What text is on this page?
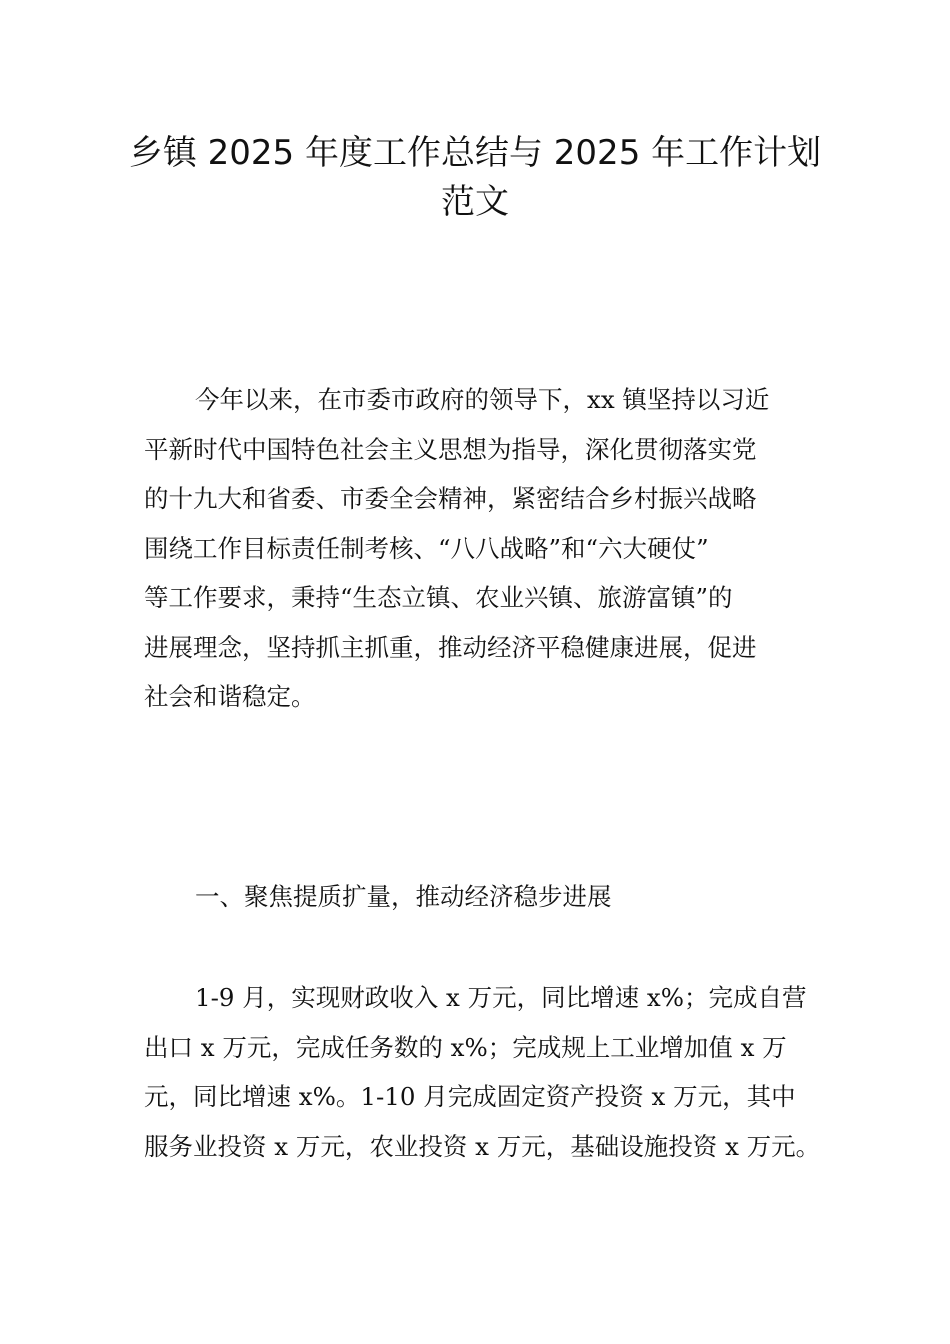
乡镇 2025 年度工作总结与 2025 年工作计划
范文
今年以来，在市委市政府的领导下，xx 镇坚持以习近
平新时代中国特色社会主义思想为指导，深化贯彻落实党
的十九大和省委、市委全会精神，紧密结合乡村振兴战略
围绕工作目标责任制考核、“八八战略”和“六大硬仗”
等工作要求，秉持“生态立镇、农业兴镇、旅游富镇”的
进展理念，坚持抓主抓重，推动经济平稳健康进展，促进
社会和谐稳定。
一、聚焦提质扩量，推动经济稳步进展
1-9 月，实现财政收入 x 万元，同比增速 x%；完成自营
出口 x 万元，完成任务数的 x%；完成规上工业增加值 x 万
元，同比增速 x%。1-10 月完成固定资产投资 x 万元，其中
服务业投资 x 万元，农业投资 x 万元，基础设施投资 x 万元。
